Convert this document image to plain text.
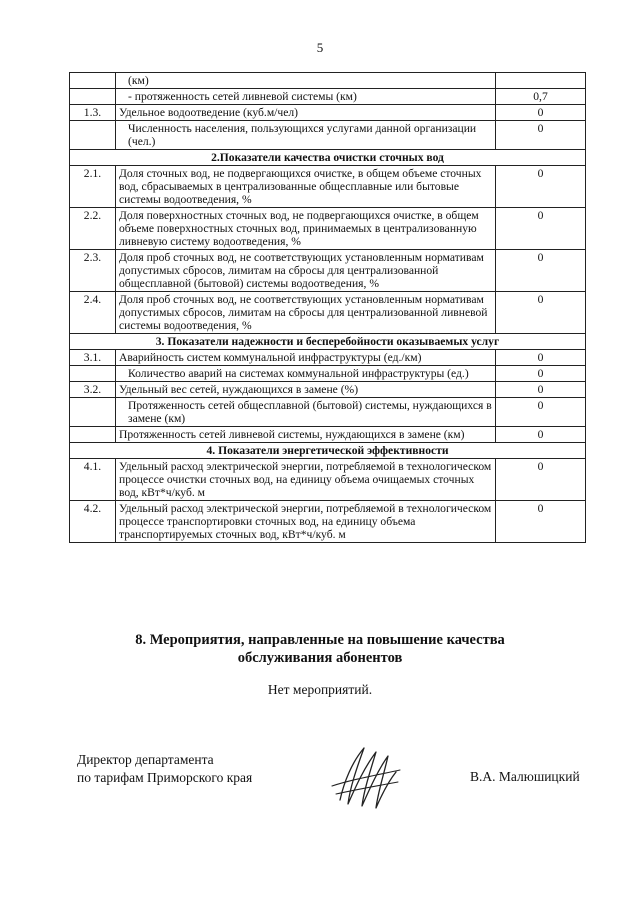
5
	(км)	
	- протяженность сетей ливневой системы (км)	0,7
1.3.	Удельное водоотведение (куб.м/чел)	0
	Численность населения, пользующихся услугами данной организации (чел.)	0
2.Показатели качества очистки сточных вод		
2.1.	Доля сточных вод, не подвергающихся очистке, в общем объеме сточных вод, сбрасываемых в централизованные общесплавные или бытовые системы водоотведения, %	0
2.2.	Доля поверхностных сточных вод, не подвергающихся очистке, в общем объеме поверхностных сточных вод, принимаемых в централизованную ливневую систему водоотведения, %	0
2.3.	Доля проб сточных вод, не соответствующих установленным нормативам допустимых сбросов, лимитам на сбросы для централизованной общесплавной (бытовой) системы водоотведения, %	0
2.4.	Доля проб сточных вод, не соответствующих установленным нормативам допустимых сбросов, лимитам на сбросы для централизованной ливневой системы водоотведения, %	0
3. Показатели надежности и бесперебойности оказываемых услуг		
3.1.	Аварийность систем коммунальной инфраструктуры (ед./км)	0
	Количество аварий на системах коммунальной инфраструктуры (ед.)	0
3.2.	Удельный вес сетей, нуждающихся в замене (%)	0
	Протяженность сетей общесплавной (бытовой) системы, нуждающихся в замене (км)	0
	Протяженность сетей ливневой системы, нуждающихся в замене (км)	0
4. Показатели энергетической эффективности		
4.1.	Удельный расход электрической энергии, потребляемой в технологическом процессе очистки сточных вод, на единицу объема очищаемых сточных вод, кВт*ч/куб. м	0
4.2.	Удельный расход электрической энергии, потребляемой в технологическом процессе транспортировки сточных вод, на единицу объема транспортируемых сточных вод, кВт*ч/куб. м	0
8. Мероприятия, направленные на повышение качества
обслуживания абонентов
Нет мероприятий.
Директор департамента
по тарифам Приморского края	В.А. Малюшицкий
